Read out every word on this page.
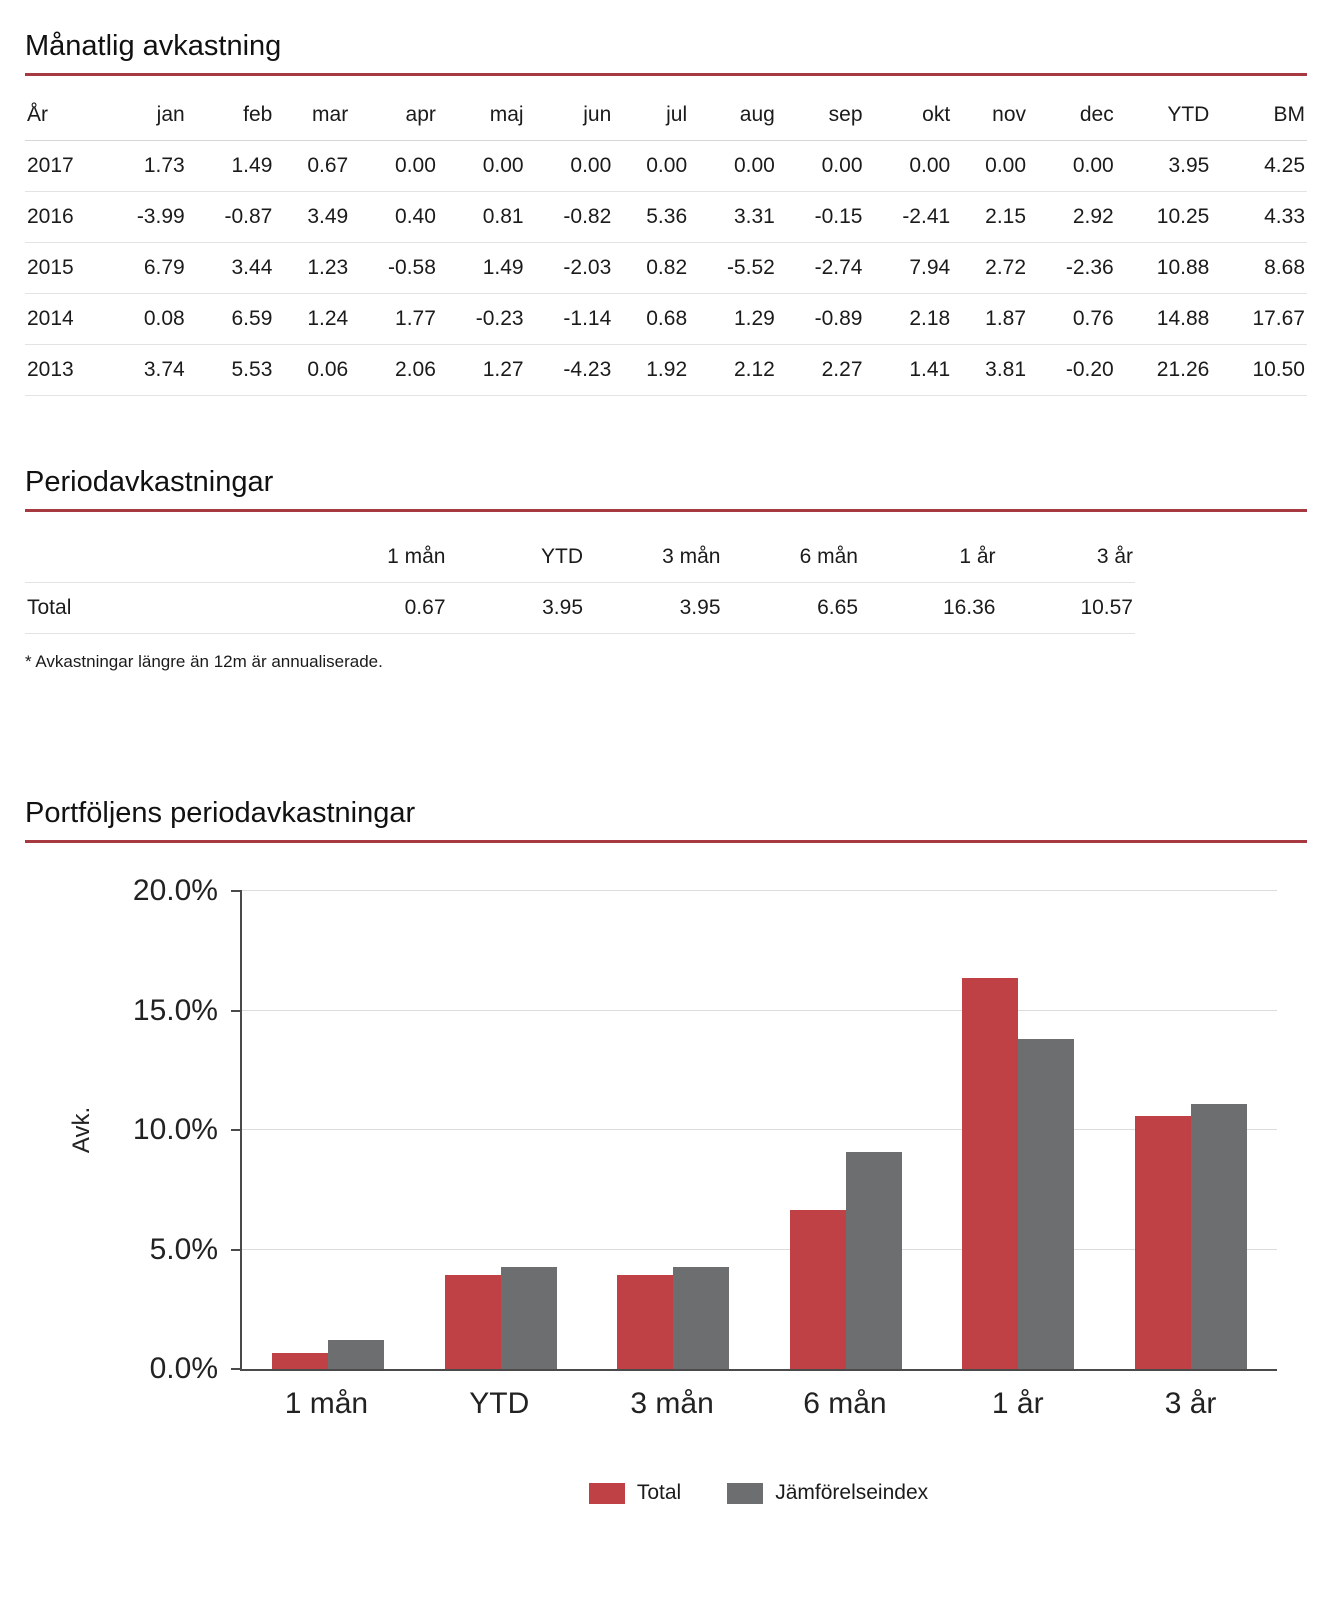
Månatlig avkastning
År	jan	feb	mar	apr	maj	jun	jul	aug	sep	okt	nov	dec	YTD	BM
2017	1.73	1.49	0.67	0.00	0.00	0.00	0.00	0.00	0.00	0.00	0.00	0.00	3.95	4.25
2016	-3.99	-0.87	3.49	0.40	0.81	-0.82	5.36	3.31	-0.15	-2.41	2.15	2.92	10.25	4.33
2015	6.79	3.44	1.23	-0.58	1.49	-2.03	0.82	-5.52	-2.74	7.94	2.72	-2.36	10.88	8.68
2014	0.08	6.59	1.24	1.77	-0.23	-1.14	0.68	1.29	-0.89	2.18	1.87	0.76	14.88	17.67
2013	3.74	5.53	0.06	2.06	1.27	-4.23	1.92	2.12	2.27	1.41	3.81	-0.20	21.26	10.50
Periodavkastningar
	1 mån	YTD	3 mån	6 mån	1 år	3 år
Total	0.67	3.95	3.95	6.65	16.36	10.57
* Avkastningar längre än 12m är annualiserade.
Portföljens periodavkastningar
Avk.
0.0%
5.0%
10.0%
15.0%
20.0%
1 mån	YTD	3 mån	6 mån	1 år	3 år
Total	Jämförelseindex
